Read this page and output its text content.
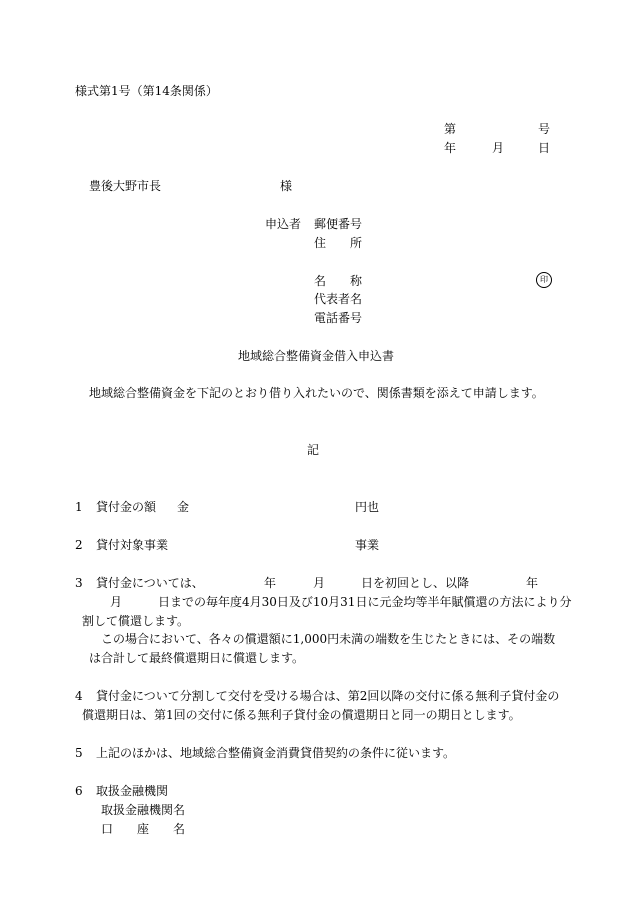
様式第1号（第14条関係）
第	号
年	月	日
豊後大野市長	様
申込者 郵便番号
住　　所
名　　称	印
代表者名
電話番号
地域総合整備資金借入申込書
地域総合整備資金を下記のとおり借り入れたいので、関係書類を添えて申請します。
記
1 貸付金の額 金	円也
2 貸付対象事業	事業
3 貸付金については、	年	月	日を初回とし、以降	年
月	日までの毎年度4月30日及び10月31日に元金均等半年賦償還の方法により分
割して償還します。
この場合において、各々の償還額に1,000円未満の端数を生じたときには、その端数
は合計して最終償還期日に償還します。
4 貸付金について分割して交付を受ける場合は、第2回以降の交付に係る無利子貸付金の
償還期日は、第1回の交付に係る無利子貸付金の償還期日と同一の期日とします。
5 上記のほかは、地域総合整備資金消費貸借契約の条件に従います。
6 取扱金融機関
取扱金融機関名
口　　座　　名
